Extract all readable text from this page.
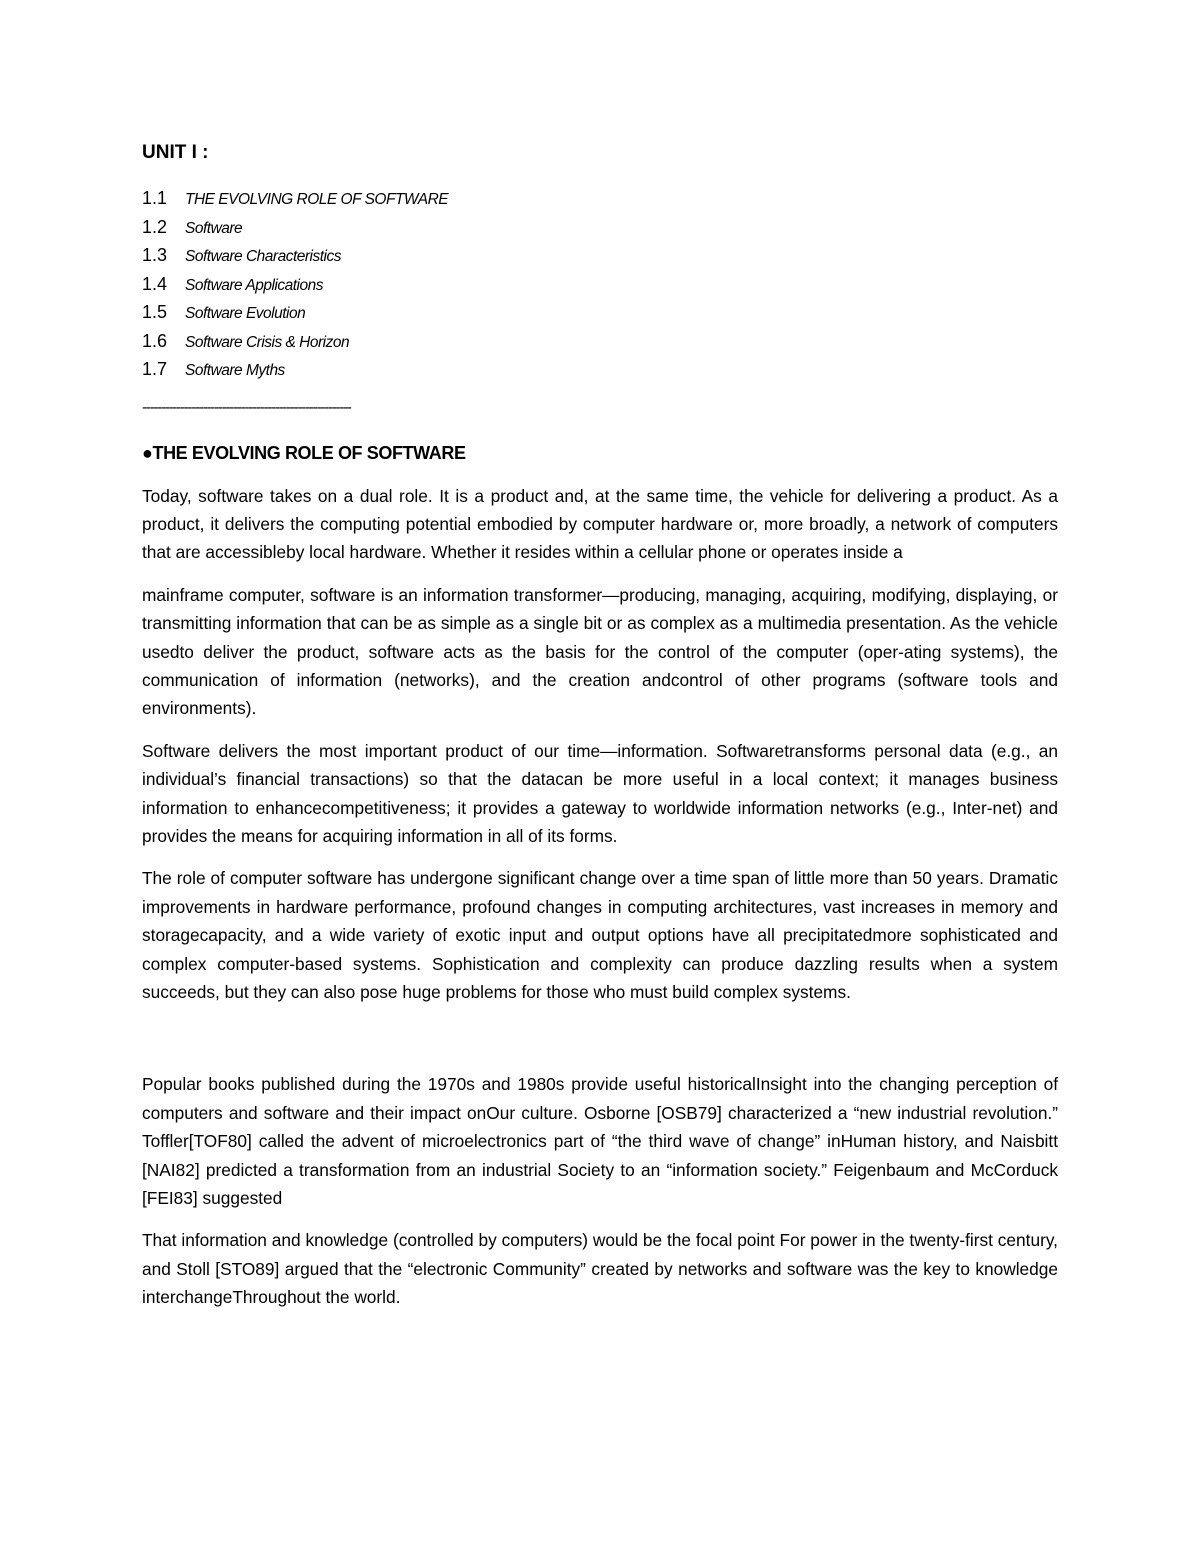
UNIT I :
1.1	THE EVOLVING ROLE OF SOFTWARE
1.2	Software
1.3	Software Characteristics
1.4	Software Applications
1.5	Software Evolution
1.6	Software Crisis & Horizon
1.7	Software Myths
-------------------------------------------------------
●THE EVOLVING ROLE OF SOFTWARE

Today, software takes on a dual role. It is a product and, at the same time, the vehicle for delivering a product. As a product, it delivers the computing potential embodied by computer hardware or, more broadly, a network of computers that are accessibleby local hardware. Whether it resides within a cellular phone or operates inside a

mainframe computer, software is an information transformer—producing, managing, acquiring, modifying, displaying, or transmitting information that can be as simple as a single bit or as complex as a multimedia presentation. As the vehicle usedto deliver the product, software acts as the basis for the control of the computer (oper-ating systems), the communication of information (networks), and the creation andcontrol of other programs (software tools and environments).

Software delivers the most important product of our time—information. Softwaretransforms personal data (e.g., an individual’s financial transactions) so that the datacan be more useful in a local context; it manages business information to enhancecompetitiveness; it provides a gateway to worldwide information networks (e.g., Inter-net) and provides the means for acquiring information in all of its forms.

The role of computer software has undergone significant change over a time span of little more than 50 years. Dramatic improvements in hardware performance, profound changes in computing architectures, vast increases in memory and storagecapacity, and a wide variety of exotic input and output options have all precipitatedmore sophisticated and complex computer-based systems. Sophistication and complexity can produce dazzling results when a system succeeds, but they can also pose huge problems for those who must build complex systems.

Popular books published during the 1970s and 1980s provide useful historicalInsight into the changing perception of computers and software and their impact onOur culture. Osborne [OSB79] characterized a “new industrial revolution.” Toffler[TOF80] called the advent of microelectronics part of “the third wave of change” inHuman history, and Naisbitt [NAI82] predicted a transformation from an industrial Society to an “information society.” Feigenbaum and McCorduck [FEI83] suggested

That information and knowledge (controlled by computers) would be the focal point For power in the twenty-first century, and Stoll [STO89] argued that the “electronic Community” created by networks and software was the key to knowledge interchangeThroughout the world.
